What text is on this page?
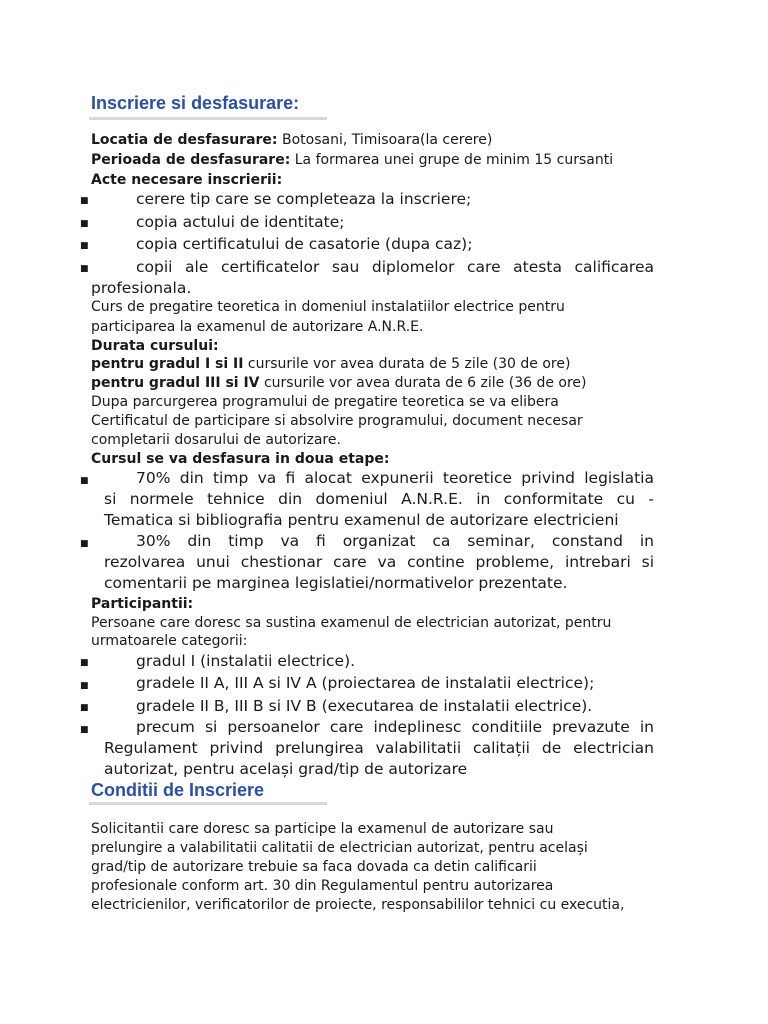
Inscriere si desfasurare:
Locatia de desfasurare: Botosani, Timisoara(la cerere)
Perioada de desfasurare: La formarea unei grupe de minim 15 cursanti
Acte necesare inscrierii:
■	cerere tip care se completeaza la inscriere;
■	copia actului de identitate;
■	copia certificatului de casatorie (dupa caz);
■	copii ale certificatelor sau diplomelor care atesta calificarea
profesionala.
Curs de pregatire teoretica in domeniul instalatiilor electrice pentru
participarea la examenul de autorizare A.N.R.E.
Durata cursului:
pentru gradul I si II cursurile vor avea durata de 5 zile (30 de ore)
pentru gradul III si IV cursurile vor avea durata de 6 zile (36 de ore)
Dupa parcurgerea programului de pregatire teoretica se va elibera
Certificatul de participare si absolvire programului, document necesar
completarii dosarului de autorizare.
Cursul se va desfasura in doua etape:
■	70% din timp va fi alocat expunerii teoretice privind legislatia
si normele tehnice din domeniul A.N.R.E. in conformitate cu -
Tematica si bibliografia pentru examenul de autorizare electricieni
■	30% din timp va fi organizat ca seminar, constand in
rezolvarea unui chestionar care va contine probleme, intrebari si
comentarii pe marginea legislatiei/normativelor prezentate.
Participantii:
Persoane care doresc sa sustina examenul de electrician autorizat, pentru
urmatoarele categorii:
■	gradul I (instalatii electrice).
■	gradele II A, III A si IV A (proiectarea de instalatii electrice);
■	gradele II B, III B si IV B (executarea de instalatii electrice).
■	precum si persoanelor care indeplinesc conditiile prevazute in
Regulament privind prelungirea valabilitatii calitații de electrician
autorizat, pentru același grad/tip de autorizare
Conditii de Inscriere
Solicitantii care doresc sa participe la examenul de autorizare sau
prelungire a valabilitatii calitatii de electrician autorizat, pentru același
grad/tip de autorizare trebuie sa faca dovada ca detin calificarii
profesionale conform art. 30 din Regulamentul pentru autorizarea
electricienilor, verificatorilor de proiecte, responsabililor tehnici cu executia,
